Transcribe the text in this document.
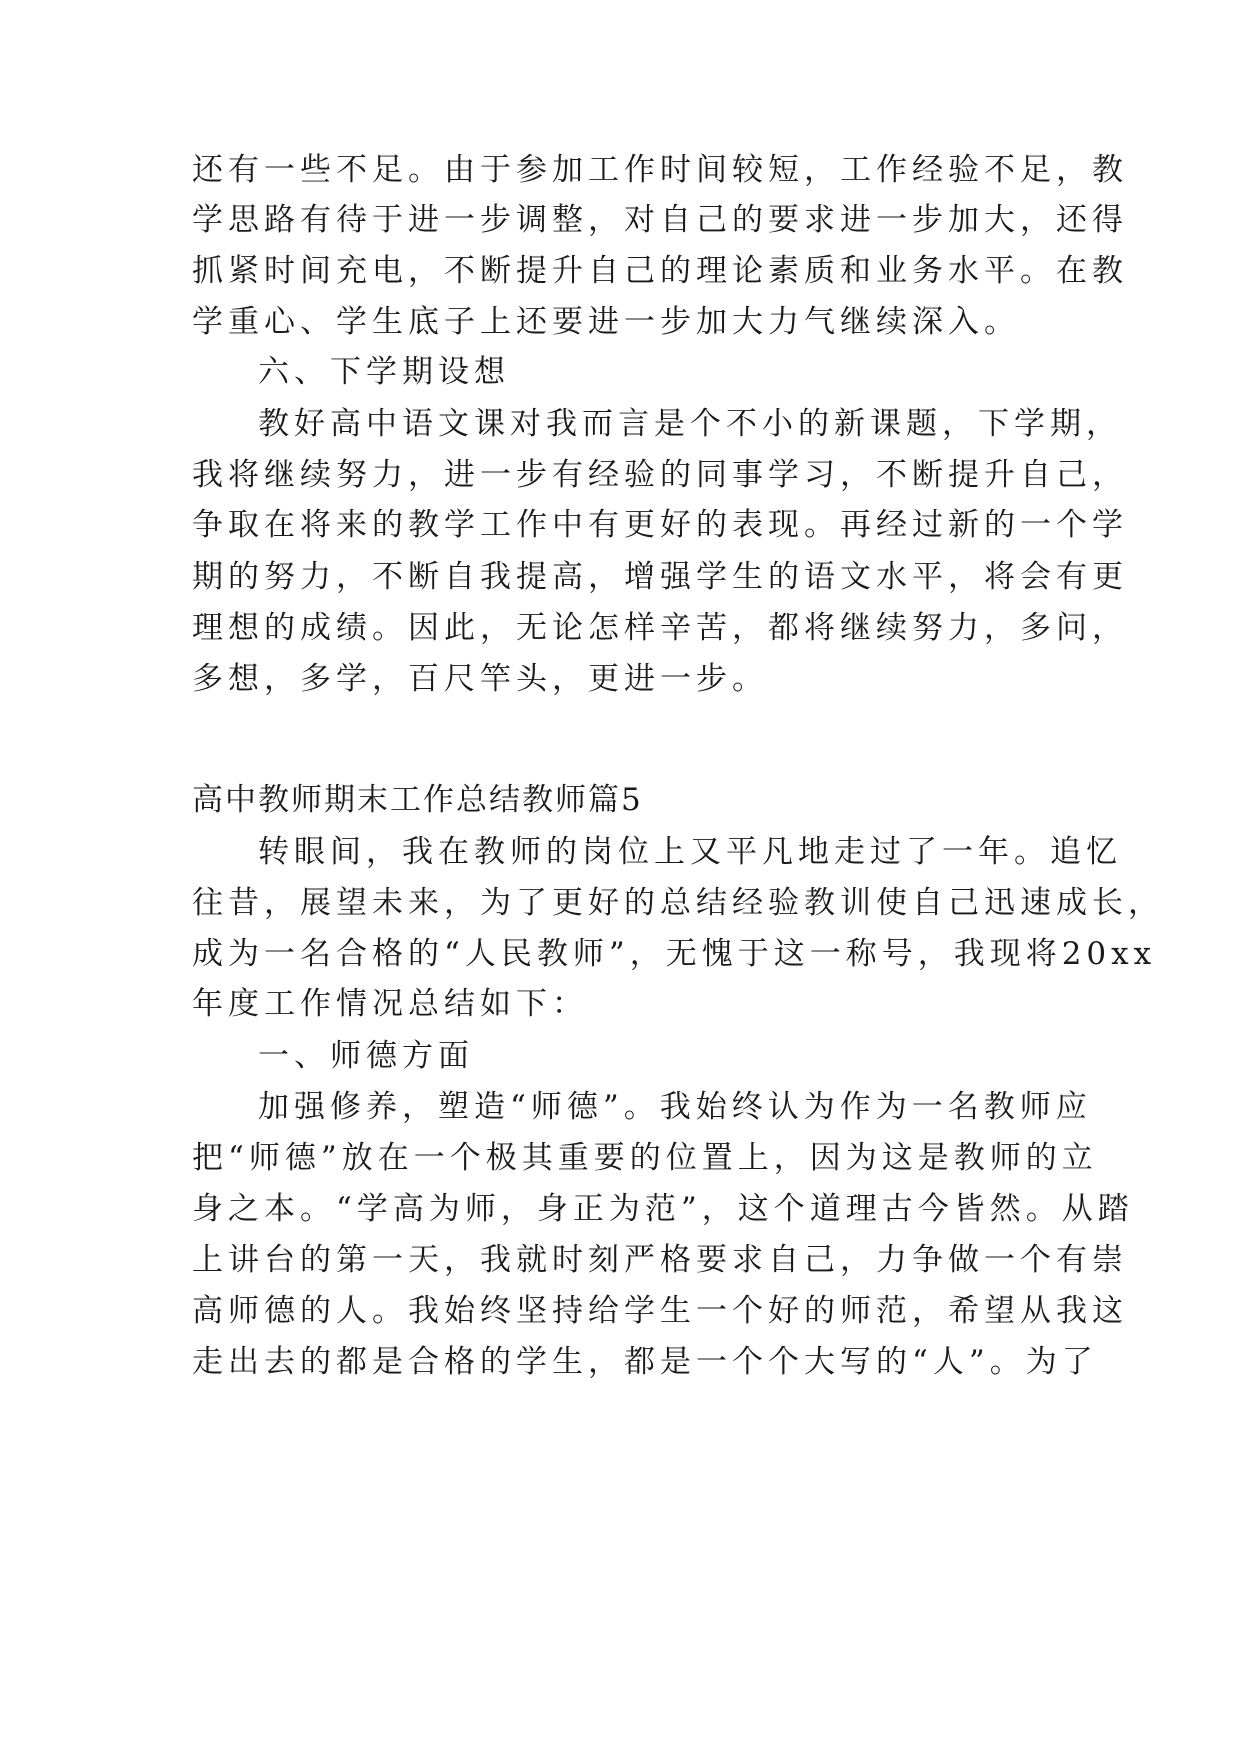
还有一些不足。由于参加工作时间较短，工作经验不足，教
学思路有待于进一步调整，对自己的要求进一步加大，还得
抓紧时间充电，不断提升自己的理论素质和业务水平。在教
学重心、学生底子上还要进一步加大力气继续深入。
六、下学期设想
教好高中语文课对我而言是个不小的新课题，下学期，
我将继续努力，进一步有经验的同事学习，不断提升自己，
争取在将来的教学工作中有更好的表现。再经过新的一个学
期的努力，不断自我提高，增强学生的语文水平，将会有更
理想的成绩。因此，无论怎样辛苦，都将继续努力，多问，
多想，多学，百尺竿头，更进一步。
高中教师期末工作总结教师篇5
转眼间，我在教师的岗位上又平凡地走过了一年。追忆
往昔，展望未来，为了更好的总结经验教训使自己迅速成长，
成为一名合格的“人民教师”，无愧于这一称号，我现将20xx
年度工作情况总结如下：
一、师德方面
加强修养，塑造“师德”。我始终认为作为一名教师应
把“师德”放在一个极其重要的位置上，因为这是教师的立
身之本。“学高为师，身正为范”，这个道理古今皆然。从踏
上讲台的第一天，我就时刻严格要求自己，力争做一个有崇
高师德的人。我始终坚持给学生一个好的师范，希望从我这
走出去的都是合格的学生，都是一个个大写的“人”。为了
